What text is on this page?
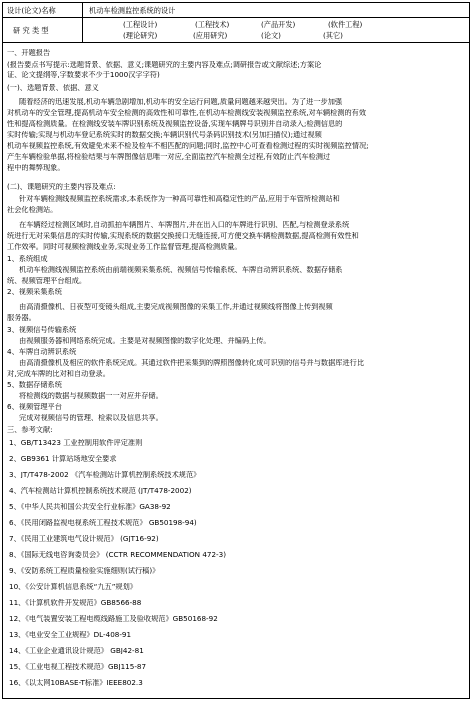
设计(论文)名称	机动车检测监控系统的设计
研 究 类 型
(工程设计)	(工程技术)	(产品开发)	(软件工程)
(理论研究)	(应用研究)	(论文)	(其它)
一、开题报告
(报告要点书写提示:选题背景、依据、意义;课题研究的主要内容及难点;调研报告或文献综述;方案论
证、论文提纲等,字数要求不少于1000汉字字符)
(一)、选题背景、依据、意义
随着经济的迅速发展,机动车辆急剧增加,机动车的安全运行问题,质量问题越来越突出。为了进一步加强
对机动车的安全管理,提高机动车安全检测的高效性和可靠性,在机动车检测线安装视频监控系统,对车辆检测的有效
性和提高检测质量。在检测线安装车牌识别系统及视频监控设备,实现车辆牌号识别并自动录入;检测信息的
实时传输;实现与机动车登记系统实时的数据交换;车辆识别代号条码识别技术(另加扫描仪);通过视频
机动车视频监控系统,有效避免未来不检及检车不相匹配的问题;同时,监控中心可查看检测过程的实时视频监控情况;
产生车辆检验单据,将检验结果与车牌图像信息唯一对应,全面监控汽车检测全过程,有效防止汽车检测过
程中的舞弊现象。
(二)、课题研究的主要内容及难点:
针对车辆检测线视频监控系统需求,本系统作为一种高可靠性和高稳定性的产品,应用于车管所检测站和
社会化检测站。
在车辆经过检测区域时,自动抓拍车辆图片、车牌图片,并在出入口的车牌进行识别、匹配,与检测登录系统
统进行无对采集信息的实时传输,实现系统的数据交换接口无缝连接,可方便交换车辆检测数据,提高检测有效性和
工作效率。同时可视频检测线业务,实现业务工作监督管理,提高检测质量。
1、系统组成
机动车检测线视频监控系统由前端视频采集系统、视频信号传输系统、车牌自动辨识系统、数据存储系
统、视频管理平台组成。
2、视频采集系统
由高清摄像机、日夜型可变镜头组成,主要完成视频图像的采集工作,并通过视频线将图像上传到视频
服务器。
3、视频信号传输系统
由视频服务器和网络系统完成。主要是对视频图像的数字化处理、并编码上传。
4、车牌自动辨识系统
由高清摄像机及相应的软件系统完成。其通过软件把采集到的牌照图像转化成可识别的信号并与数据库进行比
对,完成车牌的比对和自动登录。
5、数据存储系统
将检测线的数据与视频数据一一对应并存储。
6、视频管理平台
完成对视频信号的管理、检索以及信息共享。
三、参考文献:
1、GB/T13423 工业控制用软件评定准则
2、GB9361 计算站场地安全要求
3、JT/T478-2002 《汽车检测站计算机控制系统技术规范》
4、汽车检测站计算机控制系统技术规范 (JT/T478-2002)
5、《中华人民共和国公共安全行业标准》GA38-92
6、《民用闭路监视电视系统工程技术规范》 GB50198-94)
7、《民用工业建筑电气设计规范》 (GJT16-92)
8、《国际无线电咨询委员会》 (CCTR RECOMMENDATION 472-3)
9、《安防系统工程质量检验实施细则(试行稿)》
10、《公安计算机信息系统“九五”规划》
11、《计算机软件开发规范》GB8566-88
12、《电气装置安装工程电缆线路施工及验收规范》GB50168-92
13、《电业安全工业规程》DL-408-91
14、《工业企业通讯设计规范》 GBJ42-81
15、《工业电视工程技术规范》GBJ115-87
16、《以太网10BASE-T标准》IEEE802.3
